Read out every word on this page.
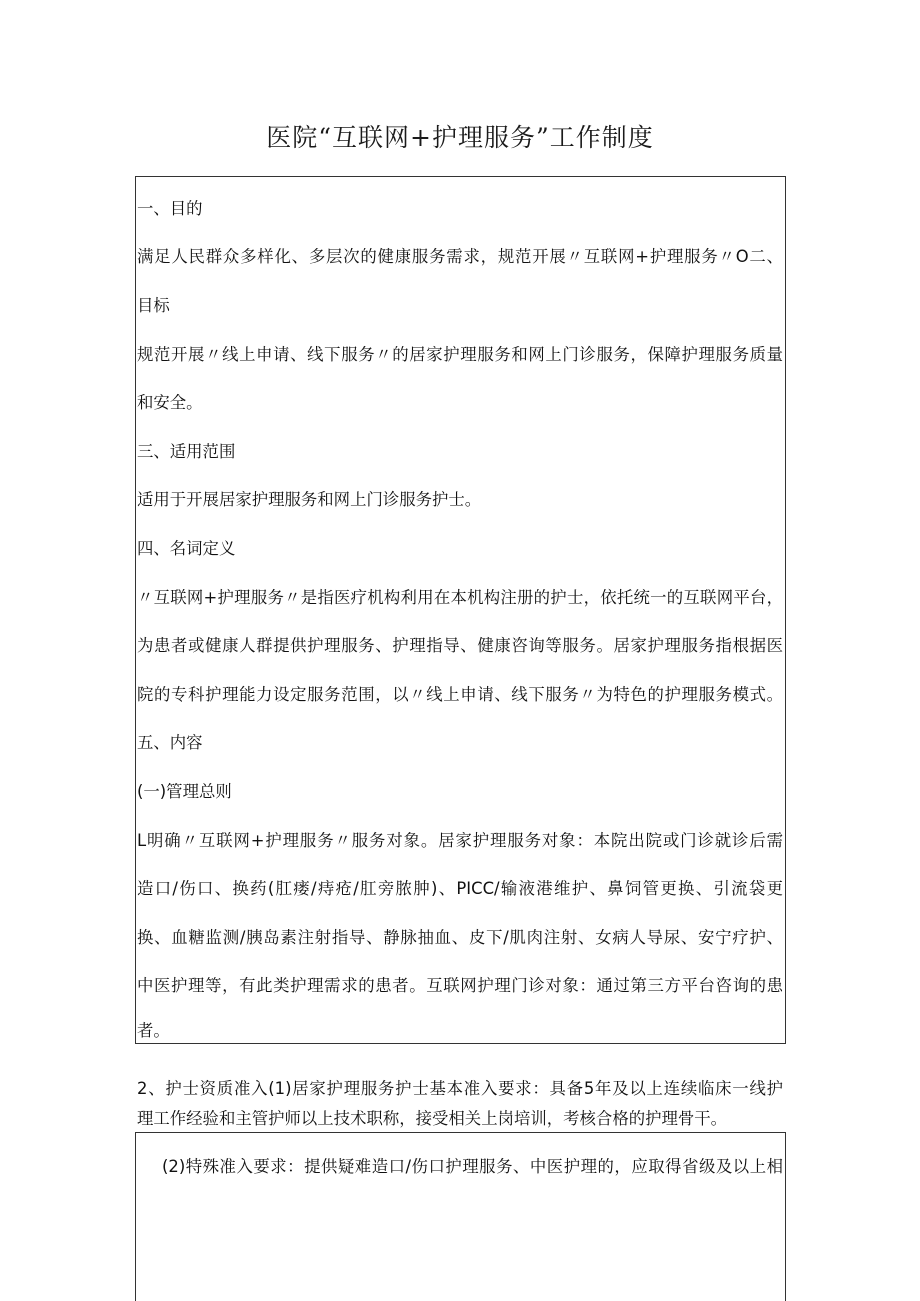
医院“互联网+护理服务”工作制度
一、目的
满足人民群众多样化、多层次的健康服务需求，规范开展〃互联网+护理服务〃O二、
目标
规范开展〃线上申请、线下服务〃的居家护理服务和网上门诊服务，保障护理服务质量
和安全。
三、适用范围
适用于开展居家护理服务和网上门诊服务护士。
四、名词定义
〃互联网+护理服务〃是指医疗机构利用在本机构注册的护士，依托统一的互联网平台，
为患者或健康人群提供护理服务、护理指导、健康咨询等服务。居家护理服务指根据医
院的专科护理能力设定服务范围，以〃线上申请、线下服务〃为特色的护理服务模式。
五、内容
(一)管理总则
L明确〃互联网+护理服务〃服务对象。居家护理服务对象：本院出院或门诊就诊后需
造口/伤口、换药(肛瘘/痔疮/肛旁脓肿)、PICC/输液港维护、鼻饲管更换、引流袋更
换、血糖监测/胰岛素注射指导、静脉抽血、皮下/肌肉注射、女病人导尿、安宁疗护、
中医护理等，有此类护理需求的患者。互联网护理门诊对象：通过第三方平台咨询的患
者。
2、护士资质准入(1)居家护理服务护士基本准入要求：具备5年及以上连续临床一线护
理工作经验和主管护师以上技术职称，接受相关上岗培训，考核合格的护理骨干。
(2)特殊准入要求：提供疑难造口/伤口护理服务、中医护理的，应取得省级及以上相
